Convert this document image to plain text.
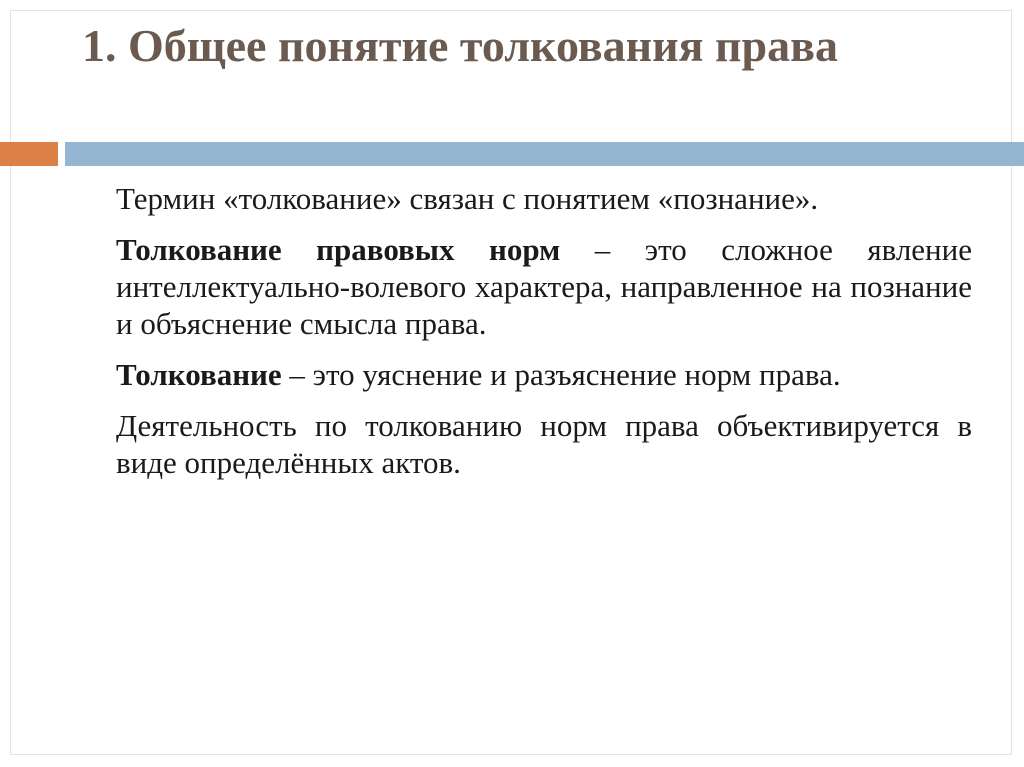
1. Общее понятие толкования права

Термин «толкование» связан с понятием «познание».

Толкование правовых норм – это сложное явление интеллектуально-волевого характера, направленное на познание и объяснение смысла права.

Толкование – это уяснение и разъяснение норм права.

Деятельность по толкованию норм права объективируется в виде определённых актов.
